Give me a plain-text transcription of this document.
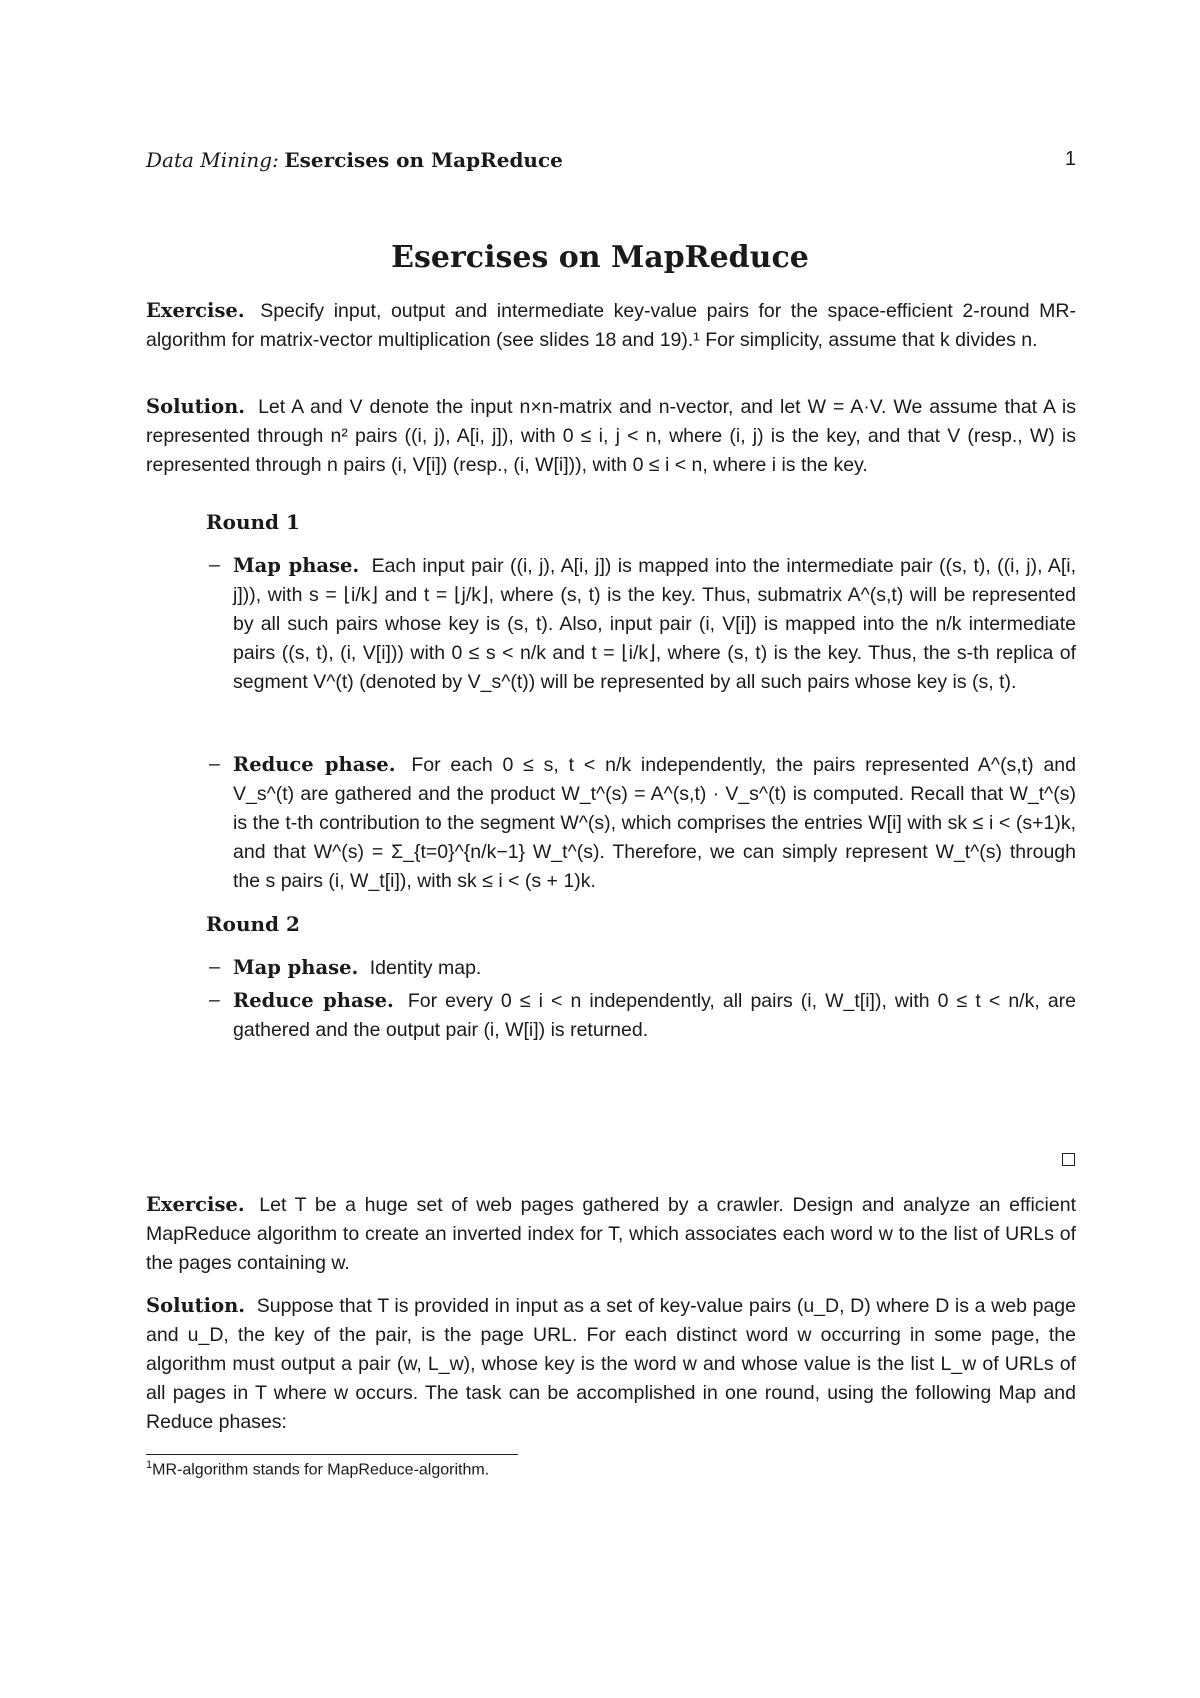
Data Mining: Esercises on MapReduce	1
Esercises on MapReduce
Exercise. Specify input, output and intermediate key-value pairs for the space-efficient 2-round MR-algorithm for matrix-vector multiplication (see slides 18 and 19).¹ For simplicity, assume that k divides n.
Solution. Let A and V denote the input n×n-matrix and n-vector, and let W = A·V. We assume that A is represented through n² pairs ((i, j), A[i, j]), with 0 ≤ i, j < n, where (i, j) is the key, and that V (resp., W) is represented through n pairs (i, V[i]) (resp., (i, W[i])), with 0 ≤ i < n, where i is the key.
Round 1
– Map phase. Each input pair ((i, j), A[i, j]) is mapped into the intermediate pair ((s, t), ((i, j), A[i, j])), with s = ⌊i/k⌋ and t = ⌊j/k⌋, where (s, t) is the key. Thus, submatrix A^(s,t) will be represented by all such pairs whose key is (s, t). Also, input pair (i, V[i]) is mapped into the n/k intermediate pairs ((s, t), (i, V[i])) with 0 ≤ s < n/k and t = ⌊i/k⌋, where (s, t) is the key. Thus, the s-th replica of segment V^(t) (denoted by V_s^(t)) will be represented by all such pairs whose key is (s, t).
– Reduce phase. For each 0 ≤ s, t < n/k independently, the pairs represented A^(s,t) and V_s^(t) are gathered and the product W_t^(s) = A^(s,t) · V_s^(t) is computed. Recall that W_t^(s) is the t-th contribution to the segment W^(s), which comprises the entries W[i] with sk ≤ i < (s+1)k, and that W^(s) = Σ_{t=0}^{n/k−1} W_t^(s). Therefore, we can simply represent W_t^(s) through the s pairs (i, W_t[i]), with sk ≤ i < (s + 1)k.
Round 2
– Map phase. Identity map.
– Reduce phase. For every 0 ≤ i < n independently, all pairs (i, W_t[i]), with 0 ≤ t < n/k, are gathered and the output pair (i, W[i]) is returned.
Exercise. Let T be a huge set of web pages gathered by a crawler. Design and analyze an efficient MapReduce algorithm to create an inverted index for T, which associates each word w to the list of URLs of the pages containing w.
Solution. Suppose that T is provided in input as a set of key-value pairs (u_D, D) where D is a web page and u_D, the key of the pair, is the page URL. For each distinct word w occurring in some page, the algorithm must output a pair (w, L_w), whose key is the word w and whose value is the list L_w of URLs of all pages in T where w occurs. The task can be accomplished in one round, using the following Map and Reduce phases:
$^1$MR-algorithm stands for MapReduce-algorithm.
